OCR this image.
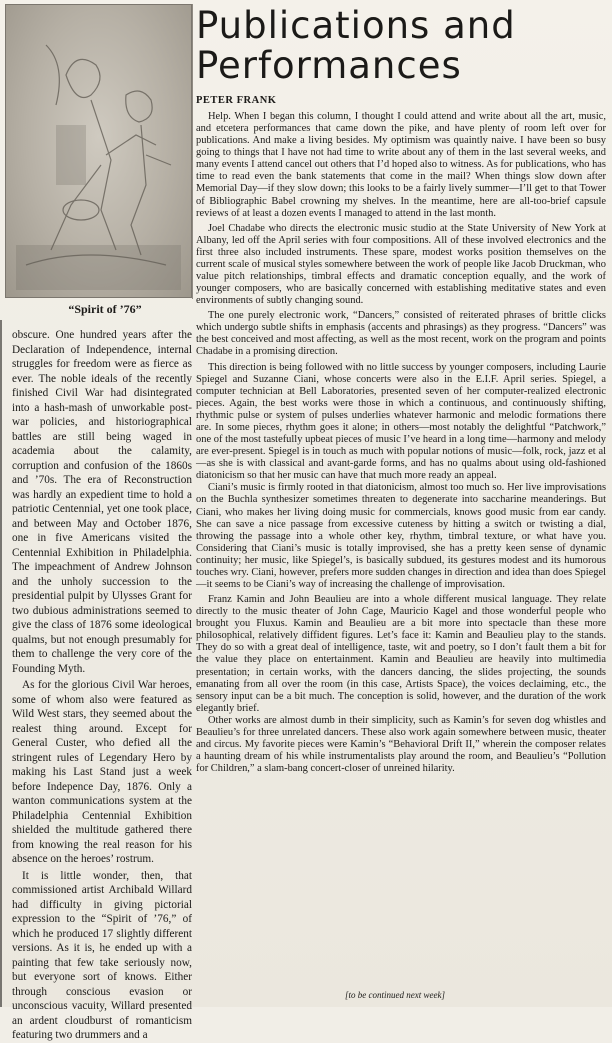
“Spirit of ’76”
Publications and
Performances
PETER FRANK

Help. When I began this column, I thought I could attend and write about all the art, music, and etcetera performances that came down the pike, and have plenty of room left over for publications. And make a living besides. My optimism was quaintly naive. I have been so busy going to things that I have not had time to write about any of them in the last several weeks, and many events I attend cancel out others that I’d hoped also to witness. As for publications, who has time to read even the bank statements that come in the mail? When things slow down after Memorial Day—if they slow down; this looks to be a fairly lively summer—I’ll get to that Tower of Bibliographic Babel crowning my shelves. In the meantime, here are all-too-brief capsule reviews of at least a dozen events I managed to attend in the last month.

Joel Chadabe who directs the electronic music studio at the State University of New York at Albany, led off the April series with four compositions. All of these involved electronics and the first three also included instruments. These spare, modest works position themselves on the current scale of musical styles somewhere between the work of people like Jacob Druckman, who value pitch relationships, timbral effects and dramatic conception equally, and the work of younger composers, who are basically concerned with establishing meditative states and even environments of subtly changing sound.

The one purely electronic work, “Dancers,” consisted of reiterated phrases of brittle clicks which undergo subtle shifts in emphasis (accents and phrasings) as they progress. “Dancers” was the best conceived and most affecting, as well as the most recent, work on the program and points Chadabe in a promising direction.

This direction is being followed with no little success by younger composers, including Laurie Spiegel and Suzanne Ciani, whose concerts were also in the E.I.F. April series. Spiegel, a computer technician at Bell Laboratories, presented seven of her computer-realized electronic pieces. Again, the best works were those in which a continuous, and continuously shifting, rhythmic pulse or system of pulses underlies whatever harmonic and melodic formations there are. In some pieces, rhythm goes it alone; in others—most notably the delightful “Patchwork,” one of the most tastefully upbeat pieces of music I’ve heard in a long time—harmony and melody are ever-present. Spiegel is in touch as much with popular notions of music—folk, rock, jazz et al—as she is with classical and avant-garde forms, and has no qualms about using old-fashioned diatonicism so that her music can have that much more ready an appeal.

Ciani’s music is firmly rooted in that diatonicism, almost too much so. Her live improvisations on the Buchla synthesizer sometimes threaten to degenerate into saccharine meanderings. But Ciani, who makes her living doing music for commercials, knows good music from ear candy. She can save a nice passage from excessive cuteness by hitting a switch or twisting a dial, throwing the passage into a whole other key, rhythm, timbral texture, or what have you. Considering that Ciani’s music is totally improvised, she has a pretty keen sense of dynamic continuity; her music, like Spiegel’s, is basically subdued, its gestures modest and its humorous touches wry. Ciani, however, prefers more sudden changes in direction and idea than does Spiegel—it seems to be Ciani’s way of increasing the challenge of improvisation.

Franz Kamin and John Beaulieu are into a whole different musical language. They relate directly to the music theater of John Cage, Mauricio Kagel and those wonderful people who brought you Fluxus. Kamin and Beaulieu are a bit more into spectacle than these more philosophical, relatively diffident figures. Let’s face it: Kamin and Beaulieu play to the stands. They do so with a great deal of intelligence, taste, wit and poetry, so I don’t fault them a bit for the value they place on entertainment. Kamin and Beaulieu are heavily into multimedia presentation; in certain works, with the dancers dancing, the slides projecting, the sounds emanating from all over the room (in this case, Artists Space), the voices declaiming, etc., the sensory input can be a bit much. The conception is solid, however, and the duration of the work elegantly brief.

Other works are almost dumb in their simplicity, such as Kamin’s for seven dog whistles and Beaulieu’s for three unrelated dancers. These also work again somewhere between music, theater and circus. My favorite pieces were Kamin’s “Behavioral Drift II,” wherein the composer relates a haunting dream of his while instrumentalists play around the room, and Beaulieu’s “Pollution for Children,” a slam-bang concert-closer of unreined hilarity.

obscure. One hundred years after the Declaration of Independence, internal struggles for freedom were as fierce as ever. The noble ideals of the recently finished Civil War had disintegrated into a hash-mash of unworkable post-war policies, and historiographical battles are still being waged in academia about the calamity, corruption and confusion of the 1860s and ’70s. The era of Reconstruction was hardly an expedient time to hold a patriotic Centennial, yet one took place, and between May and October 1876, one in five Americans visited the Centennial Exhibition in Philadelphia. The impeachment of Andrew Johnson and the unholy succession to the presidential pulpit by Ulysses Grant for two dubious administrations seemed to give the class of 1876 some ideological qualms, but not enough presumably for them to challenge the very core of the Founding Myth.

As for the glorious Civil War heroes, some of whom also were featured as Wild West stars, they seemed about the realest thing around. Except for General Custer, who defied all the stringent rules of Legendary Hero by making his Last Stand just a week before Indepence Day, 1876. Only a wanton communications system at the Philadelphia Centennial Exhibition shielded the multitude gathered there from knowing the real reason for his absence on the heroes’ rostrum.

It is little wonder, then, that commissioned artist Archibald Willard had difficulty in giving pictorial expression to the “Spirit of ’76,” of which he produced 17 slightly different versions. As it is, he ended up with a painting that few take seriously now, but everyone sort of knows. Either through conscious evasion or unconscious vacuity, Willard presented an ardent cloudburst of romanticism featuring two drummers and a

[to be continued next week]
